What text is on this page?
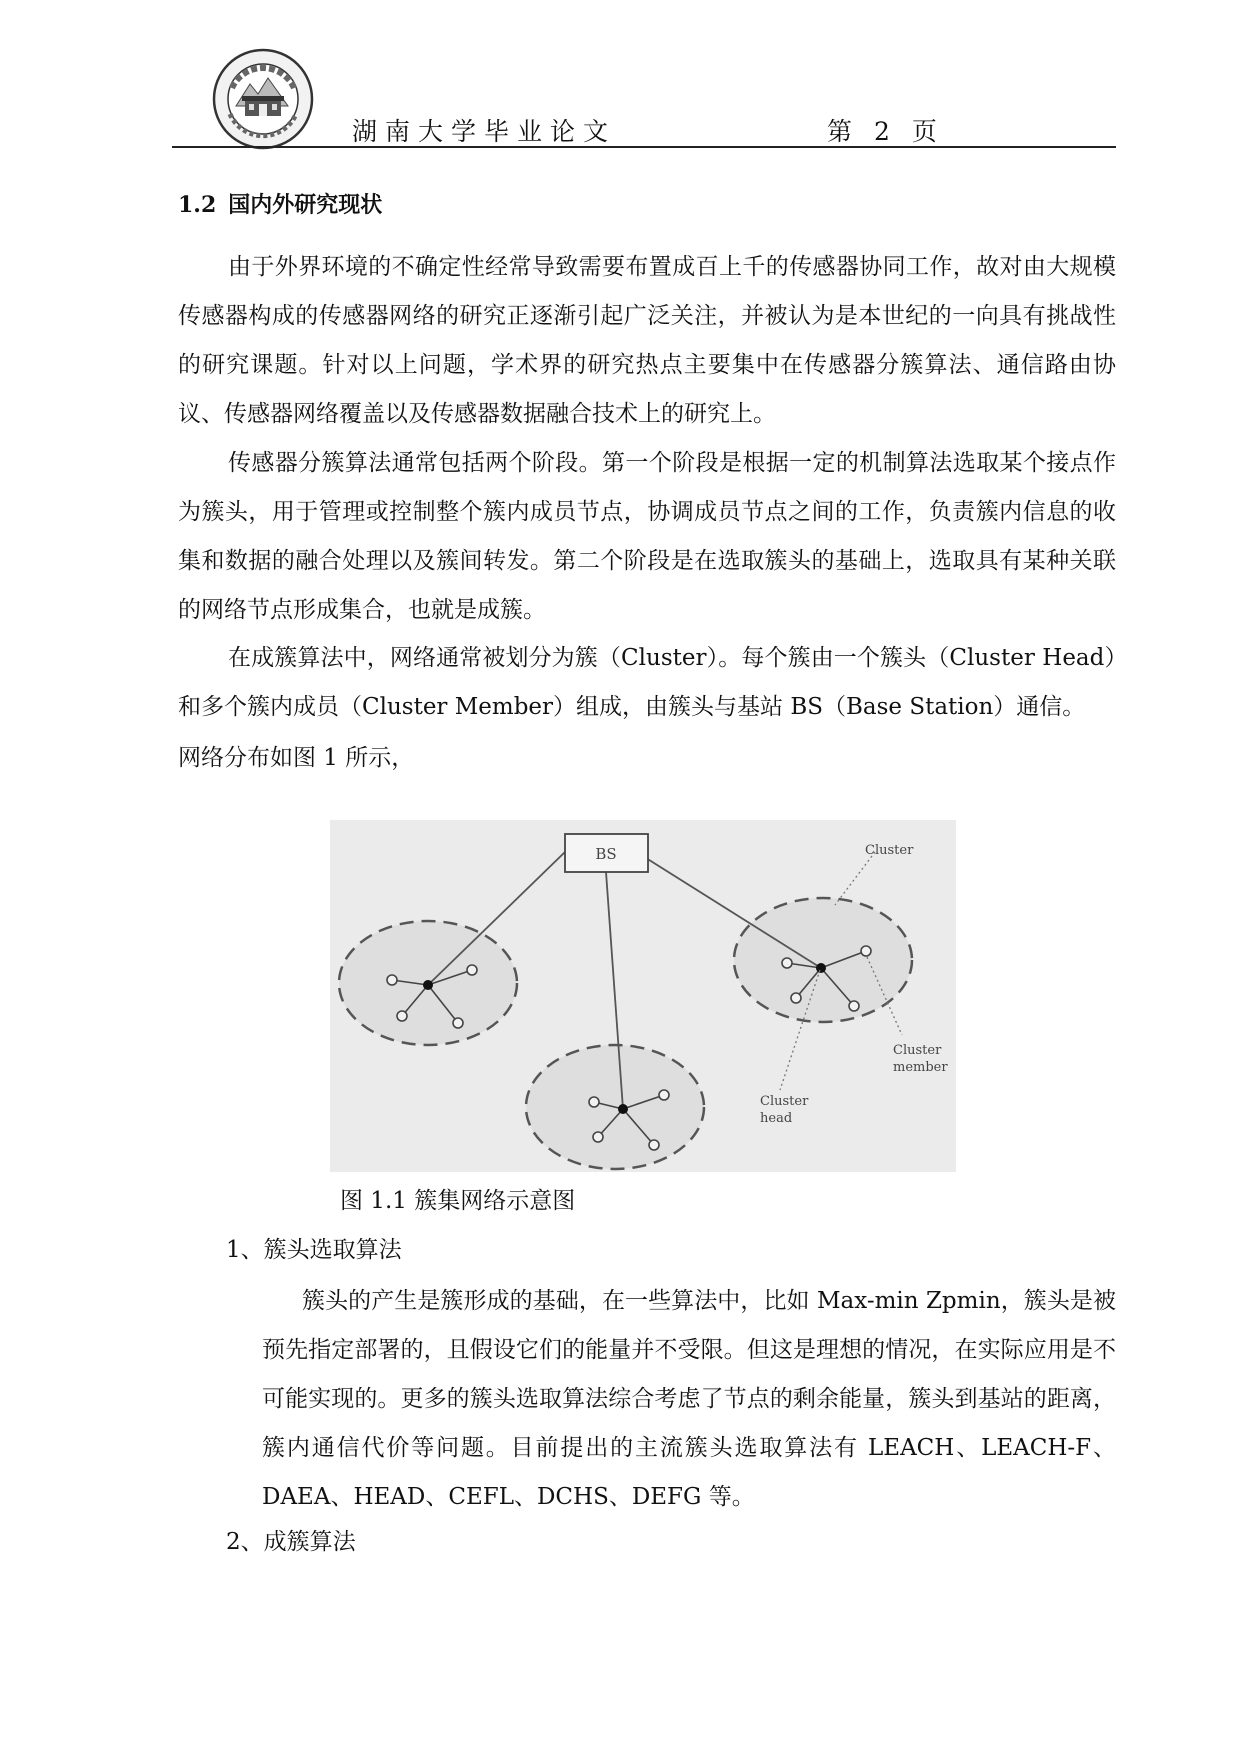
湖南大学毕业论文	第 2 页
1.2 国内外研究现状

由于外界环境的不确定性经常导致需要布置成百上千的传感器协同工作，故对由大规模传感器构成的传感器网络的研究正逐渐引起广泛关注，并被认为是本世纪的一向具有挑战性的研究课题。针对以上问题，学术界的研究热点主要集中在传感器分簇算法、通信路由协议、传感器网络覆盖以及传感器数据融合技术上的研究上。

传感器分簇算法通常包括两个阶段。第一个阶段是根据一定的机制算法选取某个接点作为簇头，用于管理或控制整个簇内成员节点，协调成员节点之间的工作，负责簇内信息的收集和数据的融合处理以及簇间转发。第二个阶段是在选取簇头的基础上，选取具有某种关联的网络节点形成集合，也就是成簇。

在成簇算法中，网络通常被划分为簇（Cluster）。每个簇由一个簇头（Cluster Head）和多个簇内成员（Cluster Member）组成，由簇头与基站 BS（Base Station）通信。

网络分布如图 1 所示，

BS	Cluster
Cluster
member
Cluster
head
图 1.1 簇集网络示意图
1、簇头选取算法

簇头的产生是簇形成的基础，在一些算法中，比如 Max-min Zpmin，簇头是被预先指定部署的，且假设它们的能量并不受限。但这是理想的情况，在实际应用是不可能实现的。更多的簇头选取算法综合考虑了节点的剩余能量，簇头到基站的距离，簇内通信代价等问题。目前提出的主流簇头选取算法有 LEACH、LEACH-F、DAEA、HEAD、CEFL、DCHS、DEFG 等。

2、成簇算法
